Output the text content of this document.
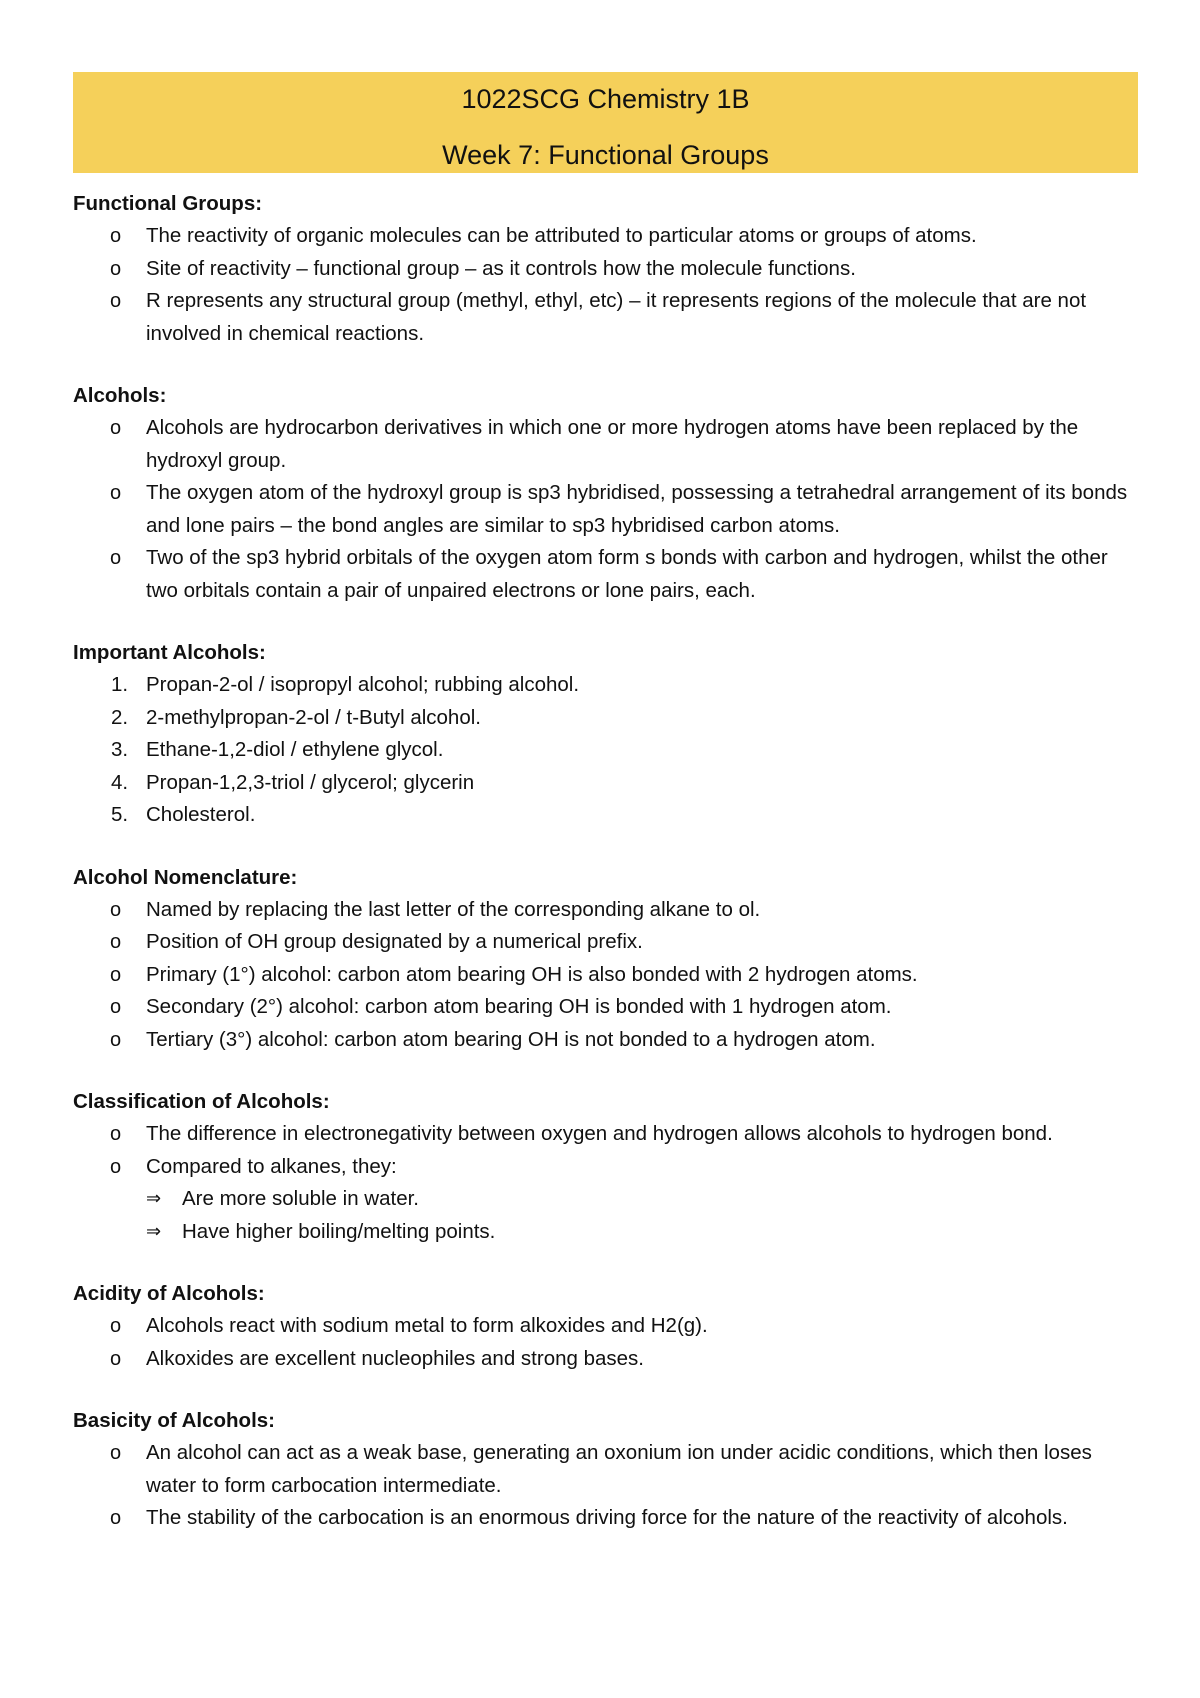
1022SCG Chemistry 1B
Week 7: Functional Groups

Functional Groups:

o The reactivity of organic molecules can be attributed to particular atoms or groups of atoms.
o Site of reactivity – functional group – as it controls how the molecule functions.
o R represents any structural group (methyl, ethyl, etc) – it represents regions of the molecule that are not involved in chemical reactions.

Alcohols:

o Alcohols are hydrocarbon derivatives in which one or more hydrogen atoms have been replaced by the hydroxyl group.
o The oxygen atom of the hydroxyl group is sp3 hybridised, possessing a tetrahedral arrangement of its bonds and lone pairs – the bond angles are similar to sp3 hybridised carbon atoms.
o Two of the sp3 hybrid orbitals of the oxygen atom form s bonds with carbon and hydrogen, whilst the other two orbitals contain a pair of unpaired electrons or lone pairs, each.

Important Alcohols:

1. Propan-2-ol / isopropyl alcohol; rubbing alcohol.
2. 2-methylpropan-2-ol / t-Butyl alcohol.
3. Ethane-1,2-diol / ethylene glycol.
4. Propan-1,2,3-triol / glycerol; glycerin
5. Cholesterol.

Alcohol Nomenclature:

o Named by replacing the last letter of the corresponding alkane to ol.
o Position of OH group designated by a numerical prefix.
o Primary (1°) alcohol: carbon atom bearing OH is also bonded with 2 hydrogen atoms.
o Secondary (2°) alcohol: carbon atom bearing OH is bonded with 1 hydrogen atom.
o Tertiary (3°) alcohol: carbon atom bearing OH is not bonded to a hydrogen atom.

Classification of Alcohols:

o The difference in electronegativity between oxygen and hydrogen allows alcohols to hydrogen bond.
o Compared to alkanes, they:
⇒ Are more soluble in water.
⇒ Have higher boiling/melting points.

Acidity of Alcohols:

o Alcohols react with sodium metal to form alkoxides and H2(g).
o Alkoxides are excellent nucleophiles and strong bases.

Basicity of Alcohols:

o An alcohol can act as a weak base, generating an oxonium ion under acidic conditions, which then loses water to form carbocation intermediate.
o The stability of the carbocation is an enormous driving force for the nature of the reactivity of alcohols.
